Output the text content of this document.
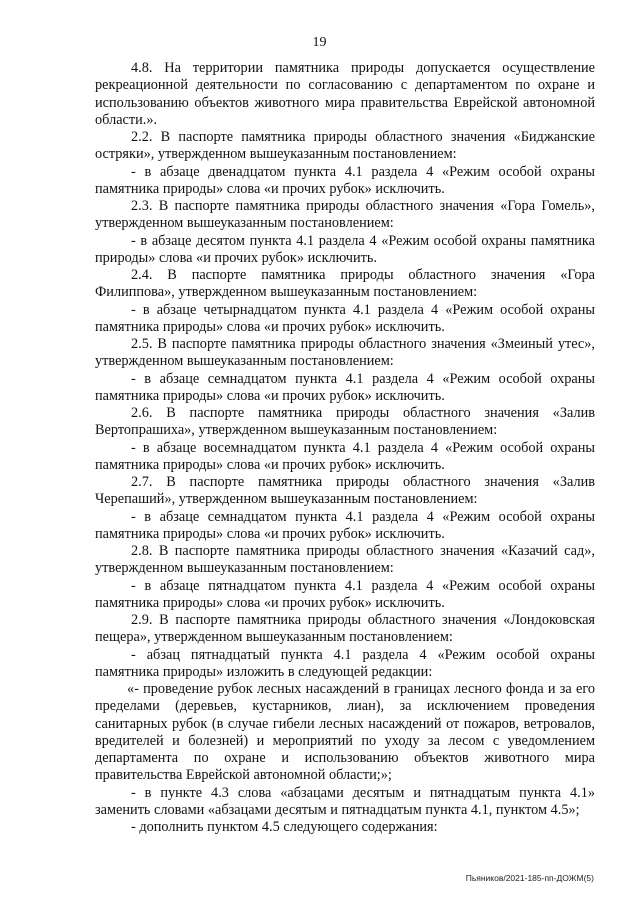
19

4.8. На территории памятника природы допускается осуществление рекреационной деятельности по согласованию с департаментом по охране и использованию объектов животного мира правительства Еврейской автономной области.».

2.2. В паспорте памятника природы областного значения «Биджанские остряки», утвержденном вышеуказанным постановлением:

- в абзаце двенадцатом пункта 4.1 раздела 4 «Режим особой охраны памятника природы» слова «и прочих рубок» исключить.

2.3. В паспорте памятника природы областного значения «Гора Гомель», утвержденном вышеуказанным постановлением:

- в абзаце десятом пункта 4.1 раздела 4 «Режим особой охраны памятника природы» слова «и прочих рубок» исключить.

2.4. В паспорте памятника природы областного значения «Гора Филиппова», утвержденном вышеуказанным постановлением:

- в абзаце четырнадцатом пункта 4.1 раздела 4 «Режим особой охраны памятника природы» слова «и прочих рубок» исключить.

2.5. В паспорте памятника природы областного значения «Змеиный утес», утвержденном вышеуказанным постановлением:

- в абзаце семнадцатом пункта 4.1 раздела 4 «Режим особой охраны памятника природы» слова «и прочих рубок» исключить.

2.6. В паспорте памятника природы областного значения «Залив Вертопрашиха», утвержденном вышеуказанным постановлением:

- в абзаце восемнадцатом пункта 4.1 раздела 4 «Режим особой охраны памятника природы» слова «и прочих рубок» исключить.

2.7. В паспорте памятника природы областного значения «Залив Черепаший», утвержденном вышеуказанным постановлением:

- в абзаце семнадцатом пункта 4.1 раздела 4 «Режим особой охраны памятника природы» слова «и прочих рубок» исключить.

2.8. В паспорте памятника природы областного значения «Казачий сад», утвержденном вышеуказанным постановлением:

- в абзаце пятнадцатом пункта 4.1 раздела 4 «Режим особой охраны памятника природы» слова «и прочих рубок» исключить.

2.9. В паспорте памятника природы областного значения «Лондоковская пещера», утвержденном вышеуказанным постановлением:

- абзац пятнадцатый пункта 4.1 раздела 4 «Режим особой охраны памятника природы» изложить в следующей редакции:

«- проведение рубок лесных насаждений в границах лесного фонда и за его пределами (деревьев, кустарников, лиан), за исключением проведения санитарных рубок (в случае гибели лесных насаждений от пожаров, ветровалов, вредителей и болезней) и мероприятий по уходу за лесом с уведомлением департамента по охране и использованию объектов животного мира правительства Еврейской автономной области;»;

- в пункте 4.3 слова «абзацами десятым и пятнадцатым пункта 4.1» заменить словами «абзацами десятым и пятнадцатым пункта 4.1, пунктом 4.5»;

- дополнить пунктом 4.5 следующего содержания:

Пьяников/2021-185-пп-ДОЖМ(5)
